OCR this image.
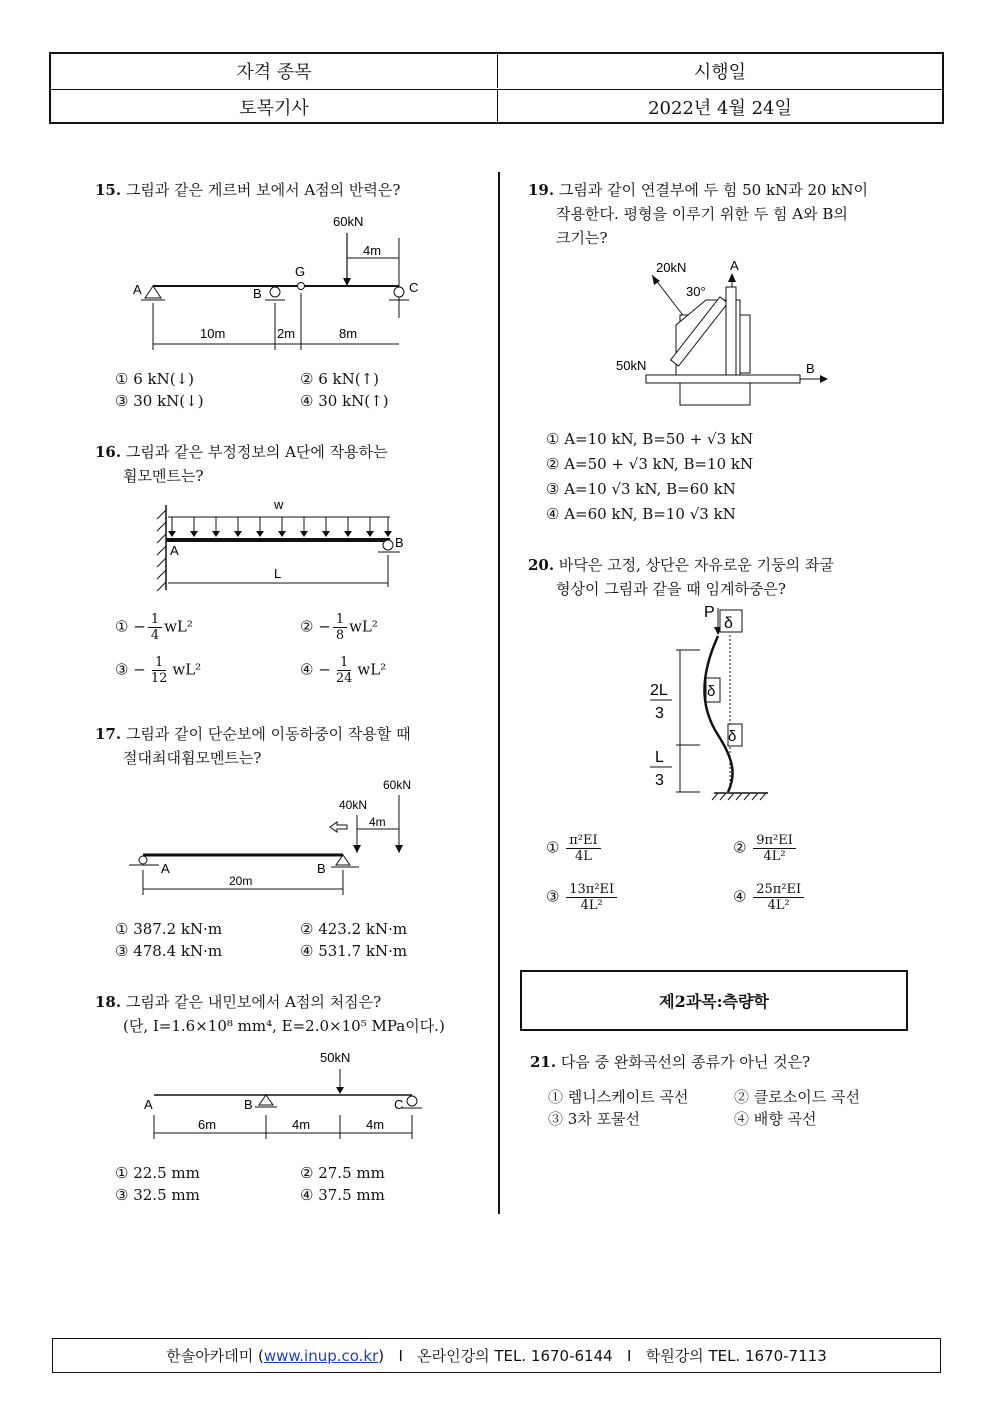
자격 종목	시행일
토목기사	2022년 4월 24일
15. 그림과 같은 게르버 보에서 A점의 반력은?
60kN
4m
G
A	B	C
10m	2m	8m
① 6 kN(↓)	② 6 kN(↑)
③ 30 kN(↓)	④ 30 kN(↑)
16. 그림과 같은 부정정보의 A단에 작용하는
휨모멘트는?
w
A
B
L
① − $\frac{1}{4} wL^2$	② − $\frac{1}{8} wL^2$
③ − $\frac{1}{12} wL^2$	④ − $\frac{1}{24} wL^2$
17. 그림과 같이 단순보에 이동하중이 작용할 때
절대최대휨모멘트는?
60kN
40kN
4m
A	B
20m
① 387.2 kN·m	② 423.2 kN·m
③ 478.4 kN·m	④ 531.7 kN·m
18. 그림과 같은 내민보에서 A점의 처짐은?
(단, I=1.6×10⁸ mm⁴, E=2.0×10⁵ MPa이다.)
50kN
A	B	C
6m	4m	4m
① 22.5 mm	② 27.5 mm
③ 32.5 mm	④ 37.5 mm
19. 그림과 같이 연결부에 두 힘 50 kN과 20 kN이
작용한다. 평형을 이루기 위한 두 힘 A와 B의
크기는?
20kN	A
30°
50kN	B
① A=10 kN, B=50 + √3 kN
② A=50 + √3 kN, B=10 kN
③ A=10 √3 kN, B=60 kN
④ A=60 kN, B=10 √3 kN
20. 바닥은 고정, 상단은 자유로운 기둥의 좌굴
형상이 그림과 같을 때 임계하중은?
P
δ
δ
δ
2L
3
L
3
① $\frac{\text{π²EI}}{4L}$	② $\frac{\text{9π²EI}}{\text{4L²}}$
③ $\frac{\text{13π²EI}}{\text{4L²}}$	④ $\frac{\text{25π²EI}}{\text{4L²}}$
제2과목:측량학
21. 다음 중 완화곡선의 종류가 아닌 것은?
① 렘니스케이트 곡선	② 클로소이드 곡선
③ 3차 포물선	④ 배향 곡선
한솔아카데미 ( www.inup.co.kr )   I   온라인강의 TEL. 1670-6144   I   학원강의 TEL. 1670-7113
